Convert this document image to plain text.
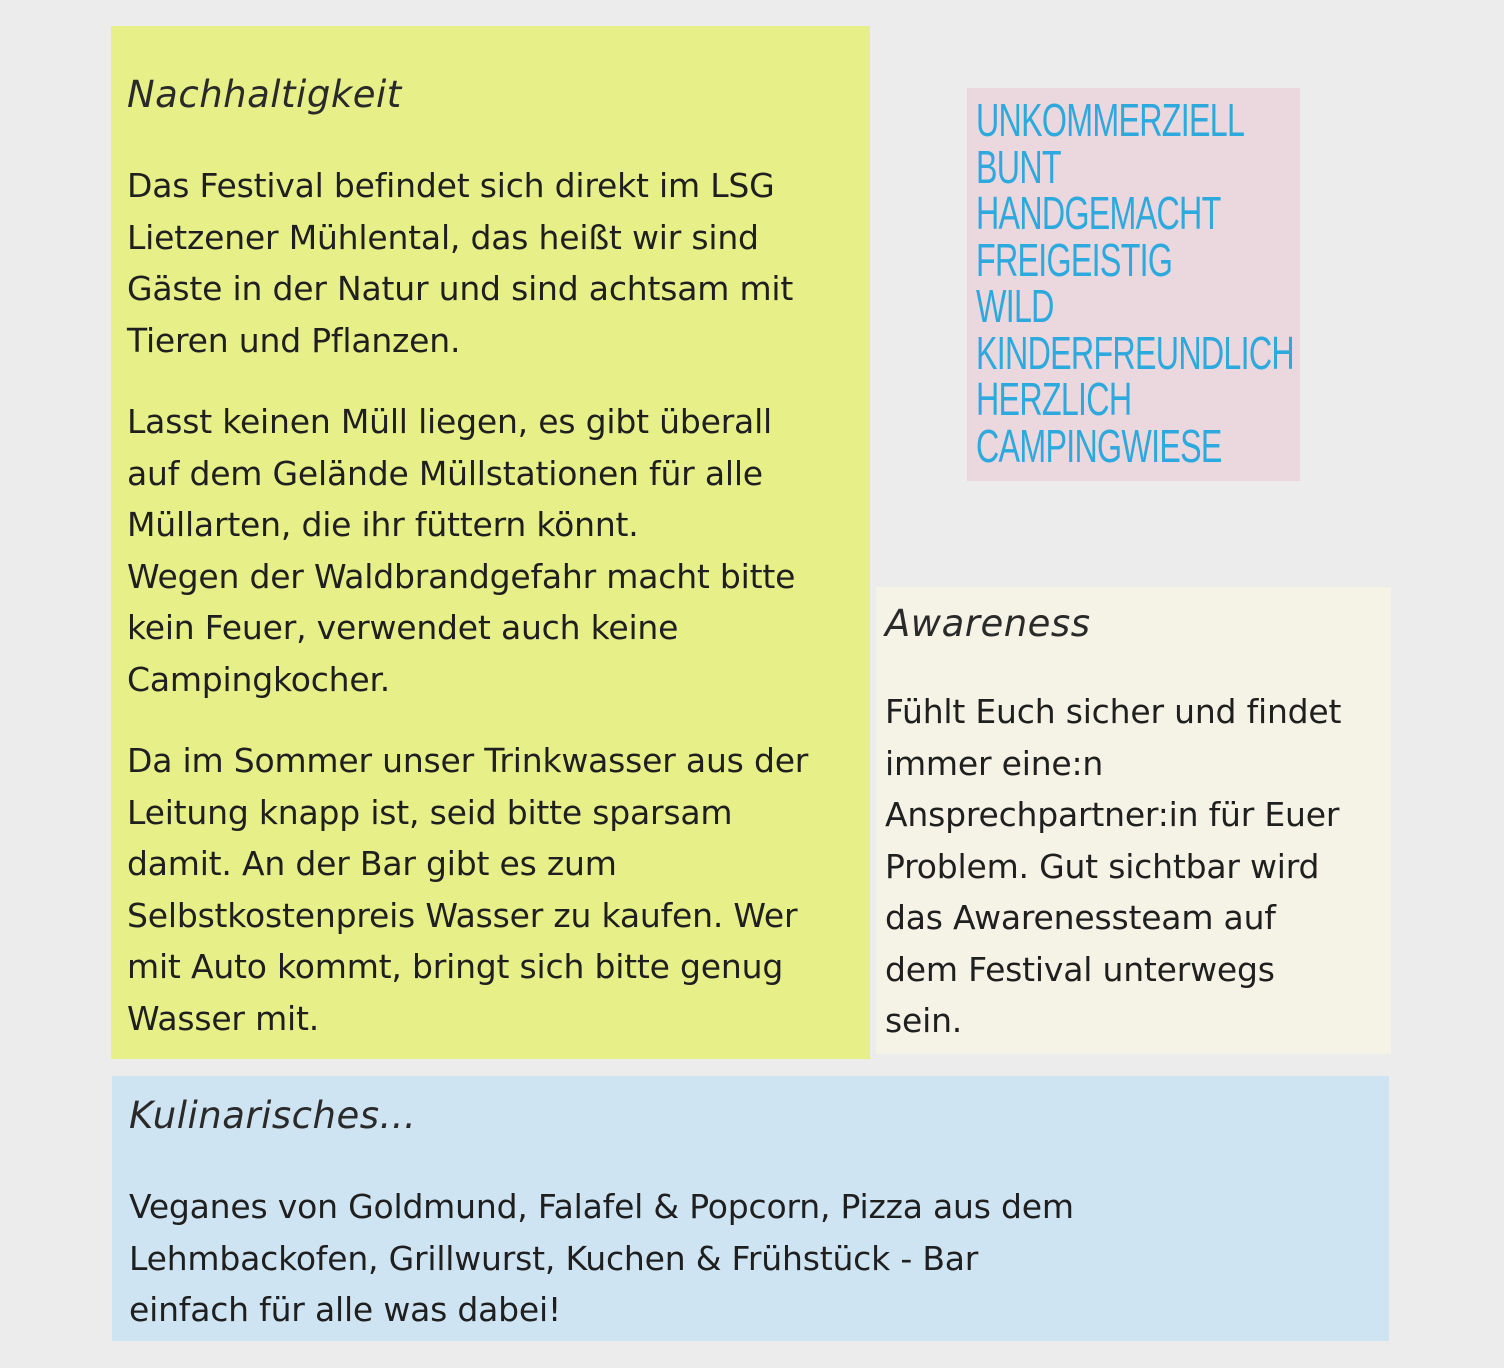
Nachhaltigkeit

Das Festival befindet sich direkt im LSG
Lietzener Mühlental, das heißt wir sind
Gäste in der Natur und sind achtsam mit
Tieren und Pflanzen.

Lasst keinen Müll liegen, es gibt überall
auf dem Gelände Müllstationen für alle
Müllarten, die ihr füttern könnt.
Wegen der Waldbrandgefahr macht bitte
kein Feuer, verwendet auch keine
Campingkocher.

Da im Sommer unser Trinkwasser aus der
Leitung knapp ist, seid bitte sparsam
damit. An der Bar gibt es zum
Selbstkostenpreis Wasser zu kaufen. Wer
mit Auto kommt, bringt sich bitte genug
Wasser mit.

UNKOMMERZIELL
BUNT
HANDGEMACHT
FREIGEISTIG
WILD
KINDERFREUNDLICH
HERZLICH
CAMPINGWIESE
Awareness

Fühlt Euch sicher und findet
immer eine:n
Ansprechpartner:in für Euer
Problem. Gut sichtbar wird
das Awarenessteam auf
dem Festival unterwegs
sein.

Kulinarisches...

Veganes von Goldmund, Falafel & Popcorn, Pizza aus dem
Lehmbackofen, Grillwurst, Kuchen & Frühstück - Bar
einfach für alle was dabei!
